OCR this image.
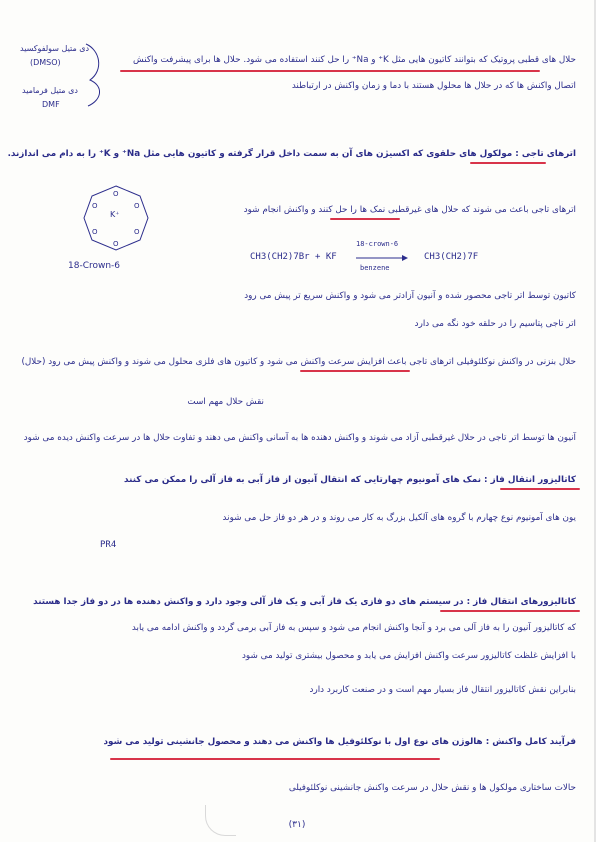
دی متیل سولفوکسید
(DMSO)
دی متیل فرمامید
DMF
حلال های قطبی پروتیک که بتوانند کاتیون هایی مثل K⁺ و Na⁺ را حل کنند استفاده می شود. حلال ها برای پیشرفت واکنش
اتصال واکنش ها که در حلال ها محلول هستند با دما و زمان واکنش در ارتباطند
اترهای تاجی : مولکول های حلقوی که اکسیژن های آن به سمت داخل قرار گرفته و کاتیون هایی مثل Na⁺ و K⁺ را به دام می اندازند.
اترهای تاجی باعث می شوند که حلال های غیرقطبی نمک ها را حل کنند و واکنش انجام شود
O
O
O
O
O
O
K⁺
18-Crown-6
CH3(CH2)7Br + KF
18-crown-6
benzene
CH3(CH2)7F
کاتیون توسط اتر تاجی محصور شده و آنیون آزادتر می شود و واکنش سریع تر پیش می رود
اتر تاجی پتاسیم را در حلقه خود نگه می دارد
حلال بنزنی در واکنش نوکلئوفیلی اترهای تاجی باعث افزایش سرعت واکنش می شود و کاتیون های فلزی محلول می شوند و واکنش پیش می رود (حلال)
نقش حلال مهم است
آنیون ها توسط اتر تاجی در حلال غیرقطبی آزاد می شوند و واکنش دهنده ها به آسانی واکنش می دهند و تفاوت حلال ها در سرعت واکنش دیده می شود
کاتالیزور انتقال فاز : نمک های آمونیوم چهارتایی که انتقال آنیون از فاز آبی به فاز آلی را ممکن می کنند
یون های آمونیوم نوع چهارم با گروه های آلکیل بزرگ به کار می روند و در هر دو فاز حل می شوند
PR4
کاتالیزورهای انتقال فاز : در سیستم های دو فازی یک فاز آبی و یک فاز آلی وجود دارد و واکنش دهنده ها در دو فاز جدا هستند
که کاتالیزور آنیون را به فاز آلی می برد و آنجا واکنش انجام می شود و سپس به فاز آبی برمی گردد و واکنش ادامه می یابد
با افزایش غلظت کاتالیزور سرعت واکنش افزایش می یابد و محصول بیشتری تولید می شود
بنابراین نقش کاتالیزور انتقال فاز بسیار مهم است و در صنعت کاربرد دارد
فرآیند کامل واکنش : هالوژن های نوع اول با نوکلئوفیل ها واکنش می دهند و محصول جانشینی تولید می شود
حالات ساختاری مولکول ها و نقش حلال در سرعت واکنش جانشینی نوکلئوفیلی
(۳۱)
